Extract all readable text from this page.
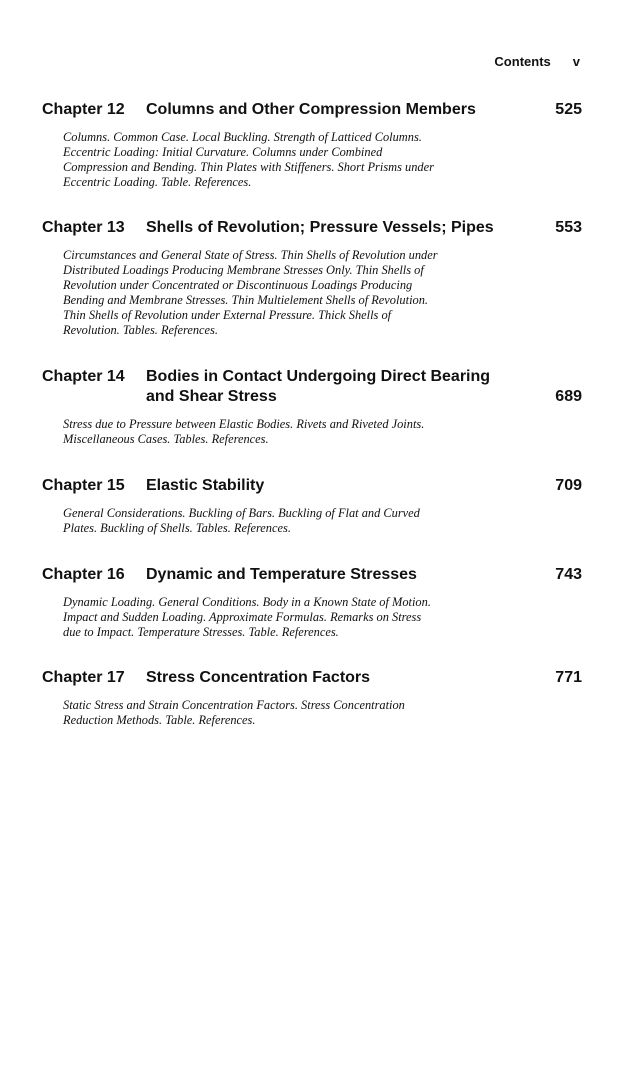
Contents v
Chapter 12 Columns and Other Compression Members	525
Columns. Common Case. Local Buckling. Strength of Latticed Columns.
Eccentric Loading: Initial Curvature. Columns under Combined
Compression and Bending. Thin Plates with Stiffeners. Short Prisms under
Eccentric Loading. Table. References.
Chapter 13 Shells of Revolution; Pressure Vessels; Pipes	553
Circumstances and General State of Stress. Thin Shells of Revolution under
Distributed Loadings Producing Membrane Stresses Only. Thin Shells of
Revolution under Concentrated or Discontinuous Loadings Producing
Bending and Membrane Stresses. Thin Multielement Shells of Revolution.
Thin Shells of Revolution under External Pressure. Thick Shells of
Revolution. Tables. References.
Chapter 14 Bodies in Contact Undergoing Direct Bearing
and Shear Stress	689
Stress due to Pressure between Elastic Bodies. Rivets and Riveted Joints.
Miscellaneous Cases. Tables. References.
Chapter 15 Elastic Stability	709
General Considerations. Buckling of Bars. Buckling of Flat and Curved
Plates. Buckling of Shells. Tables. References.
Chapter 16 Dynamic and Temperature Stresses	743
Dynamic Loading. General Conditions. Body in a Known State of Motion.
Impact and Sudden Loading. Approximate Formulas. Remarks on Stress
due to Impact. Temperature Stresses. Table. References.
Chapter 17 Stress Concentration Factors	771
Static Stress and Strain Concentration Factors. Stress Concentration
Reduction Methods. Table. References.
